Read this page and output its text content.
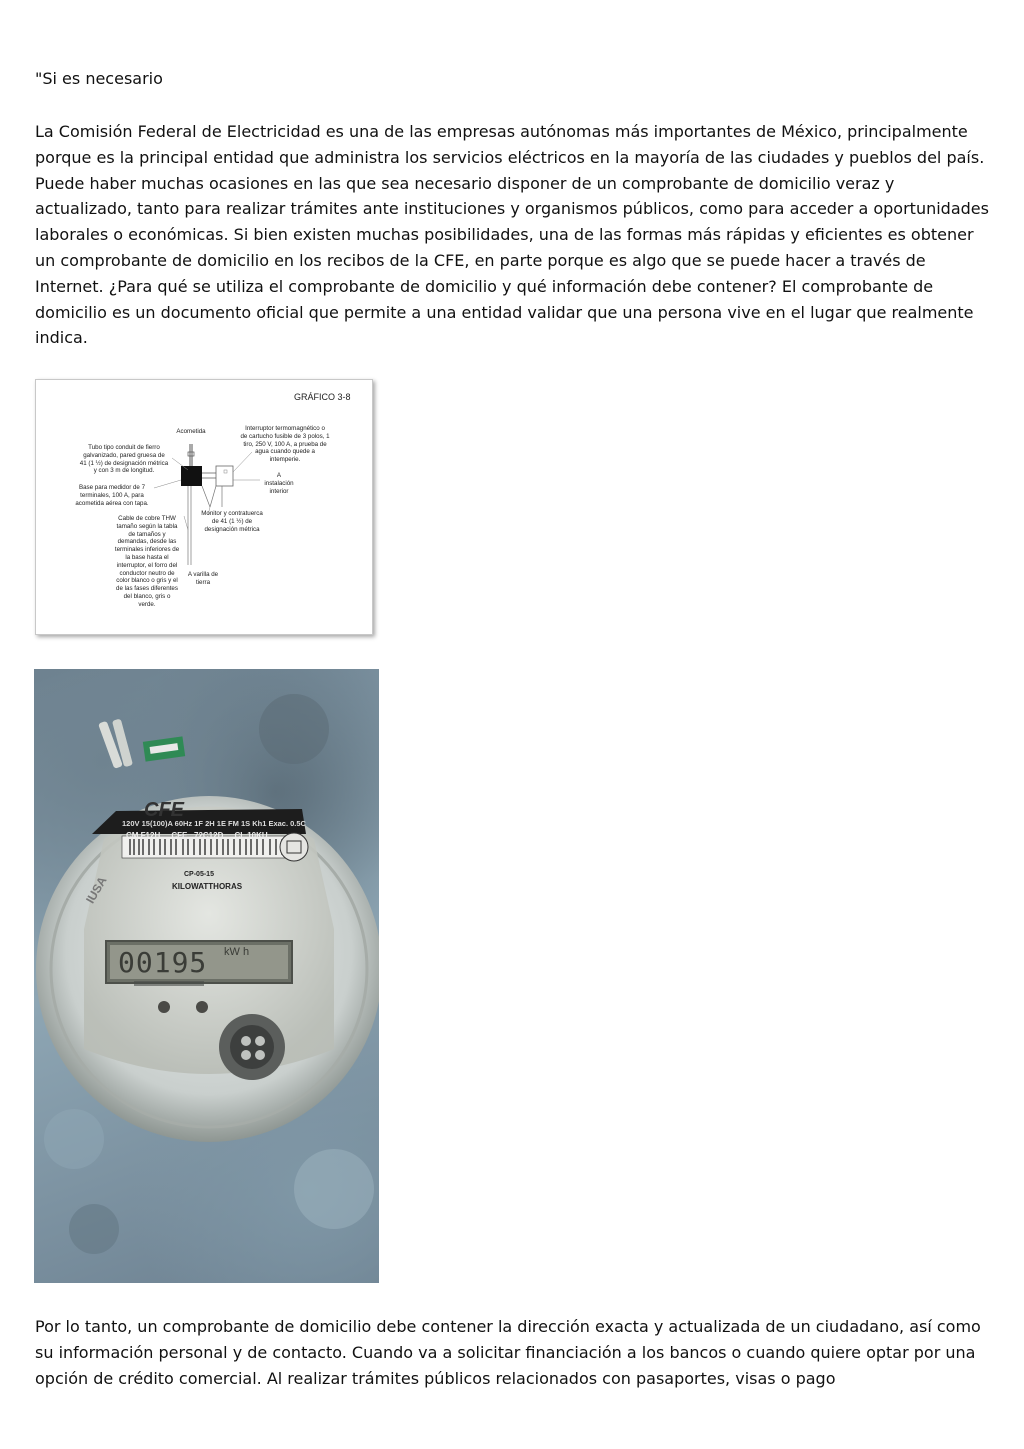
"Si es necesario

La Comisión Federal de Electricidad es una de las empresas autónomas más importantes de México, principalmente porque es la principal entidad que administra los servicios eléctricos en la mayoría de las ciudades y pueblos del país. Puede haber muchas ocasiones en las que sea necesario disponer de un comprobante de domicilio veraz y actualizado, tanto para realizar trámites ante instituciones y organismos públicos, como para acceder a oportunidades laborales o económicas. Si bien existen muchas posibilidades, una de las formas más rápidas y eficientes es obtener un comprobante de domicilio en los recibos de la CFE, en parte porque es algo que se puede hacer a través de Internet. ¿Para qué se utiliza el comprobante de domicilio y qué información debe contener? El comprobante de domicilio es un documento oficial que permite a una entidad validar que una persona vive en el lugar que realmente indica.

GRÁFICO 3-8
Acometida	Interruptor termomagnético o
de cartucho fusible de 3 polos, 1
tiro, 250 V, 100 A, a prueba de
agua cuando quede a
intemperie.
Tubo tipo conduit de fierro
galvanizado, pared gruesa de
41 (1 ½) de designación métrica
y con 3 m de longitud.
A
instalación
interior
Base para medidor de 7
terminales, 100 A, para
acometida aérea con tapa.
Monitor y contratuerca
de 41 (1 ½) de
designación métrica
Cable de cobre THW
tamaño según la tabla
de tamaños y
demandas, desde las
terminales inferiores de
la base hasta el
interruptor, el forro del
conductor neutro de
color blanco o gris y el
de las fases diferentes
del blanco, gris o
verde.
A varilla de
tierra
CFE
120V 15(100)A 60Hz 1F 2H 1E FM 1S Kh1 Exac. 0.5C
CM F12H     CFE   72C12D     CL 10KU
CP-05-15
KILOWATTHORAS
IUSA
00195 kW h

Por lo tanto, un comprobante de domicilio debe contener la dirección exacta y actualizada de un ciudadano, así como su información personal y de contacto. Cuando va a solicitar financiación a los bancos o cuando quiere optar por una opción de crédito comercial. Al realizar trámites públicos relacionados con pasaportes, visas o pago
